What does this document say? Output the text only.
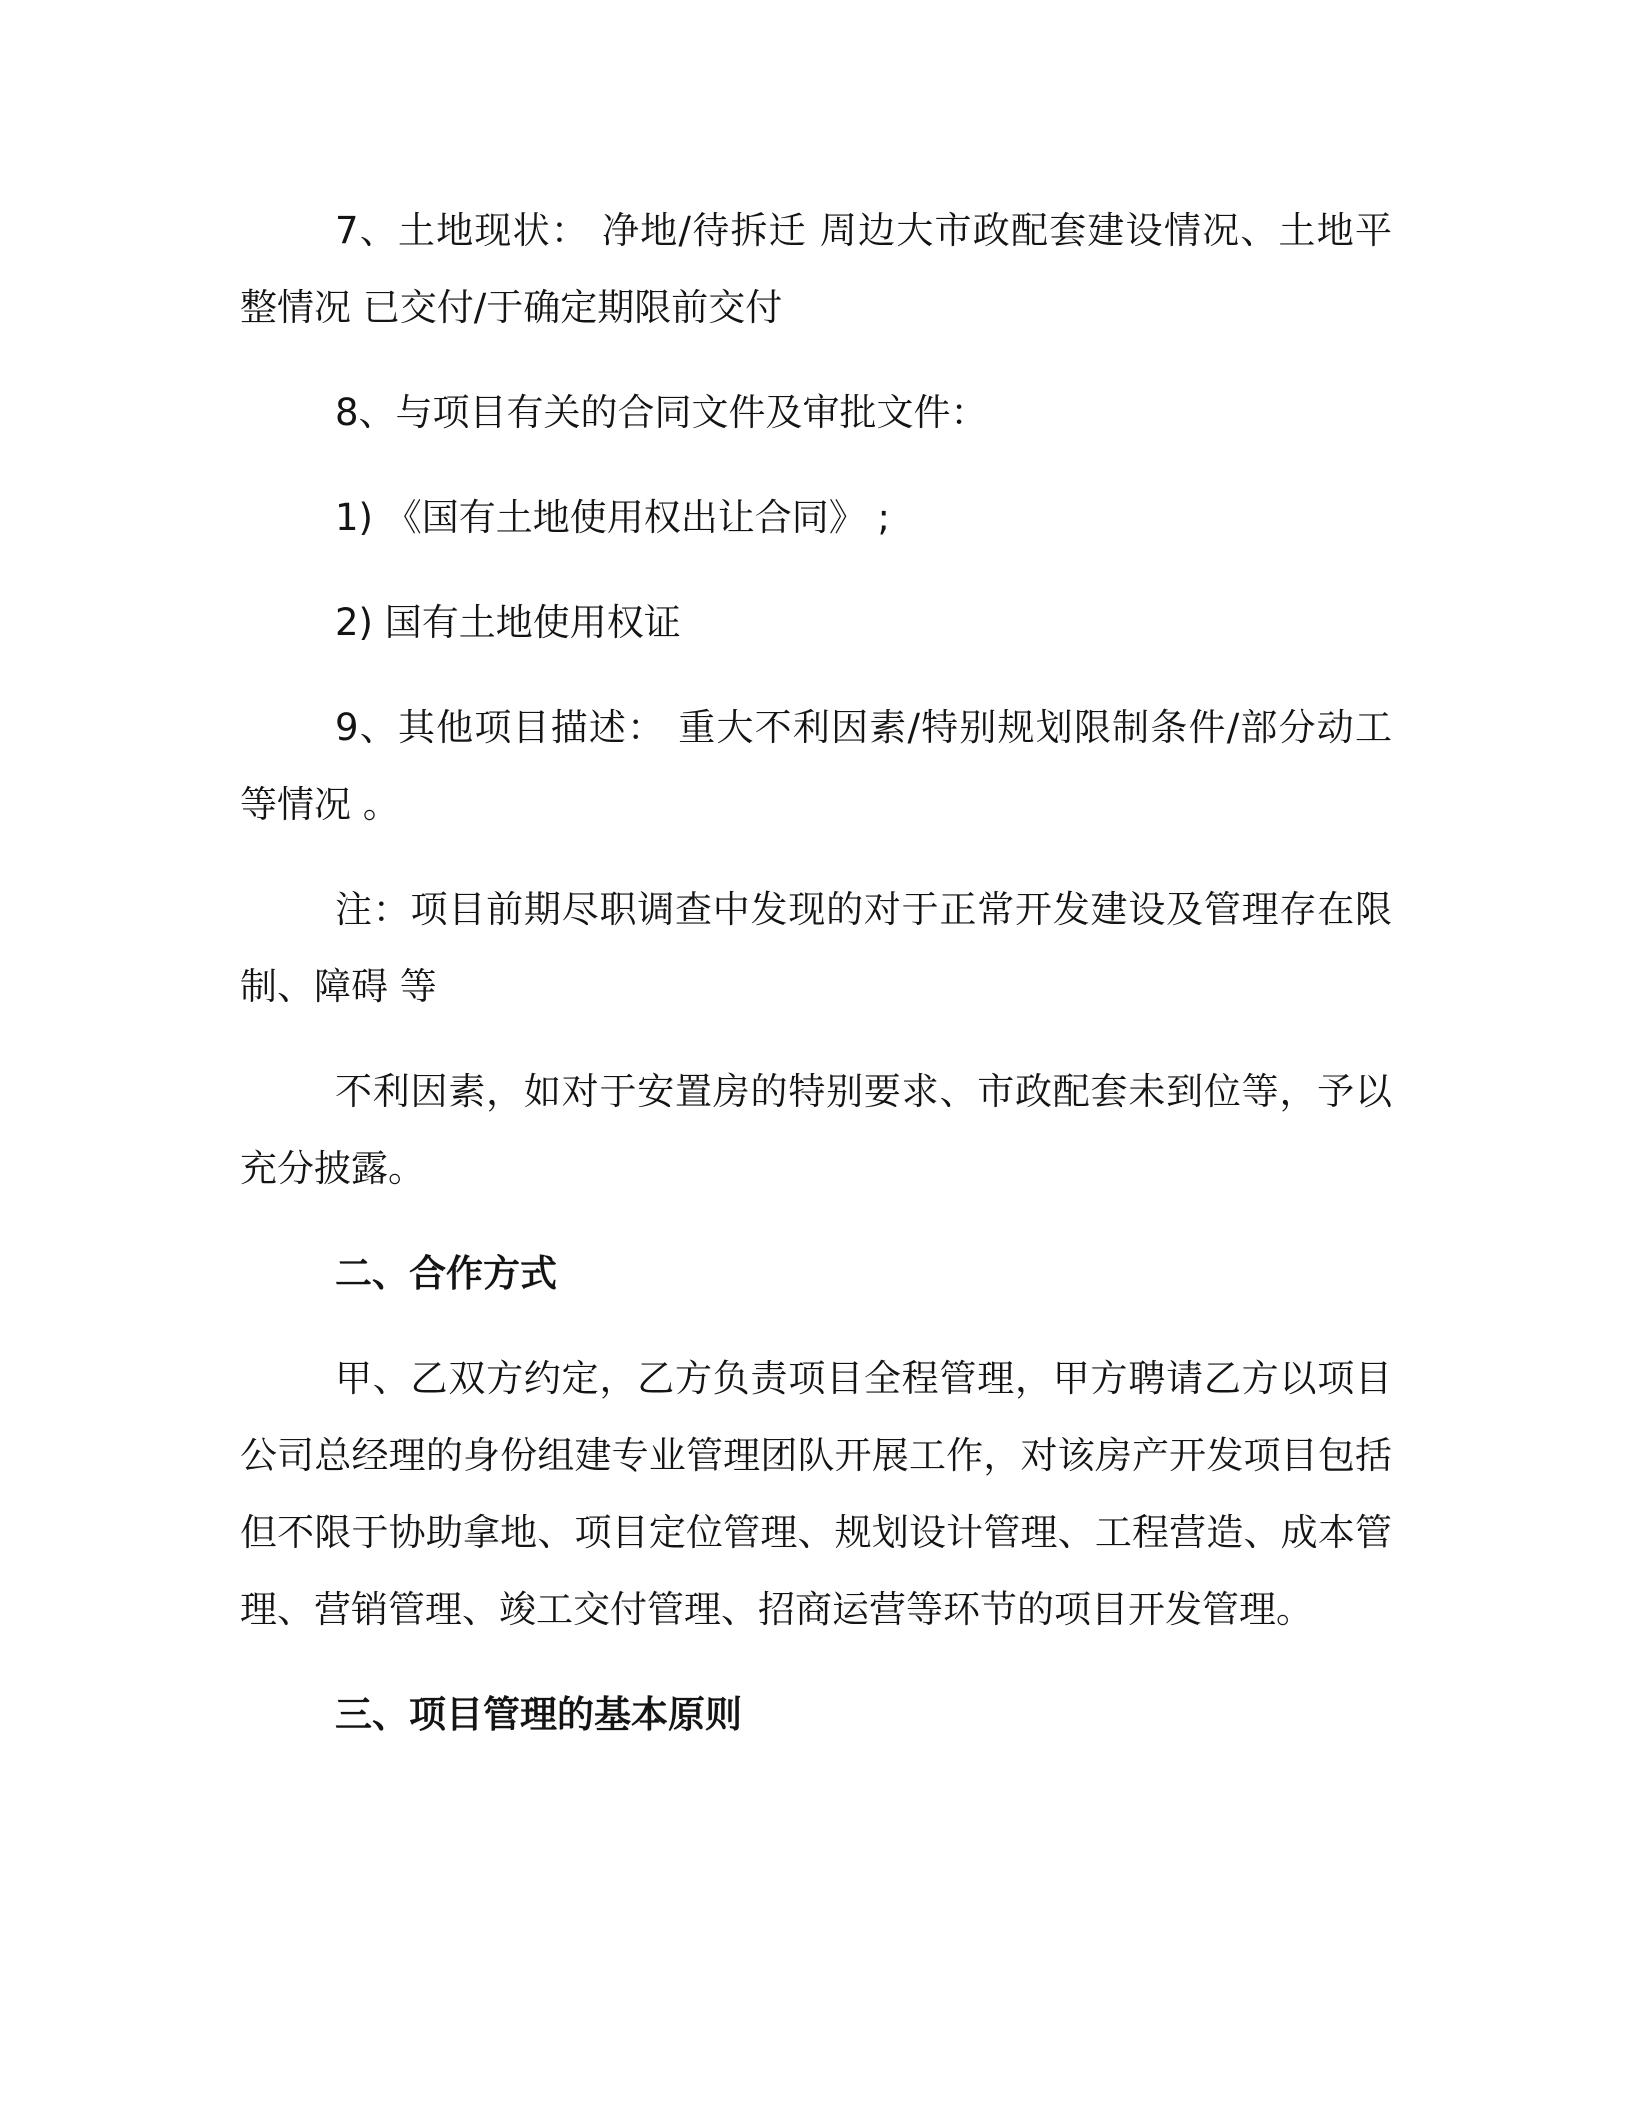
7、土地现状： 净地/待拆迁 周边大市政配套建设情况、土地平整情况 已交付/于确定期限前交付

8、与项目有关的合同文件及审批文件：

1) 《国有土地使用权出让合同》 ;

2) 国有土地使用权证

9、其他项目描述： 重大不利因素/特别规划限制条件/部分动工等情况 。

注：项目前期尽职调查中发现的对于正常开发建设及管理存在限制、障碍 等

不利因素，如对于安置房的特别要求、市政配套未到位等，予以充分披露。

二、合作方式

甲、乙双方约定，乙方负责项目全程管理，甲方聘请乙方以项目公司总经理的身份组建专业管理团队开展工作，对该房产开发项目包括但不限于协助拿地、项目定位管理、规划设计管理、工程营造、成本管理、营销管理、竣工交付管理、招商运营等环节的项目开发管理。

三、项目管理的基本原则
